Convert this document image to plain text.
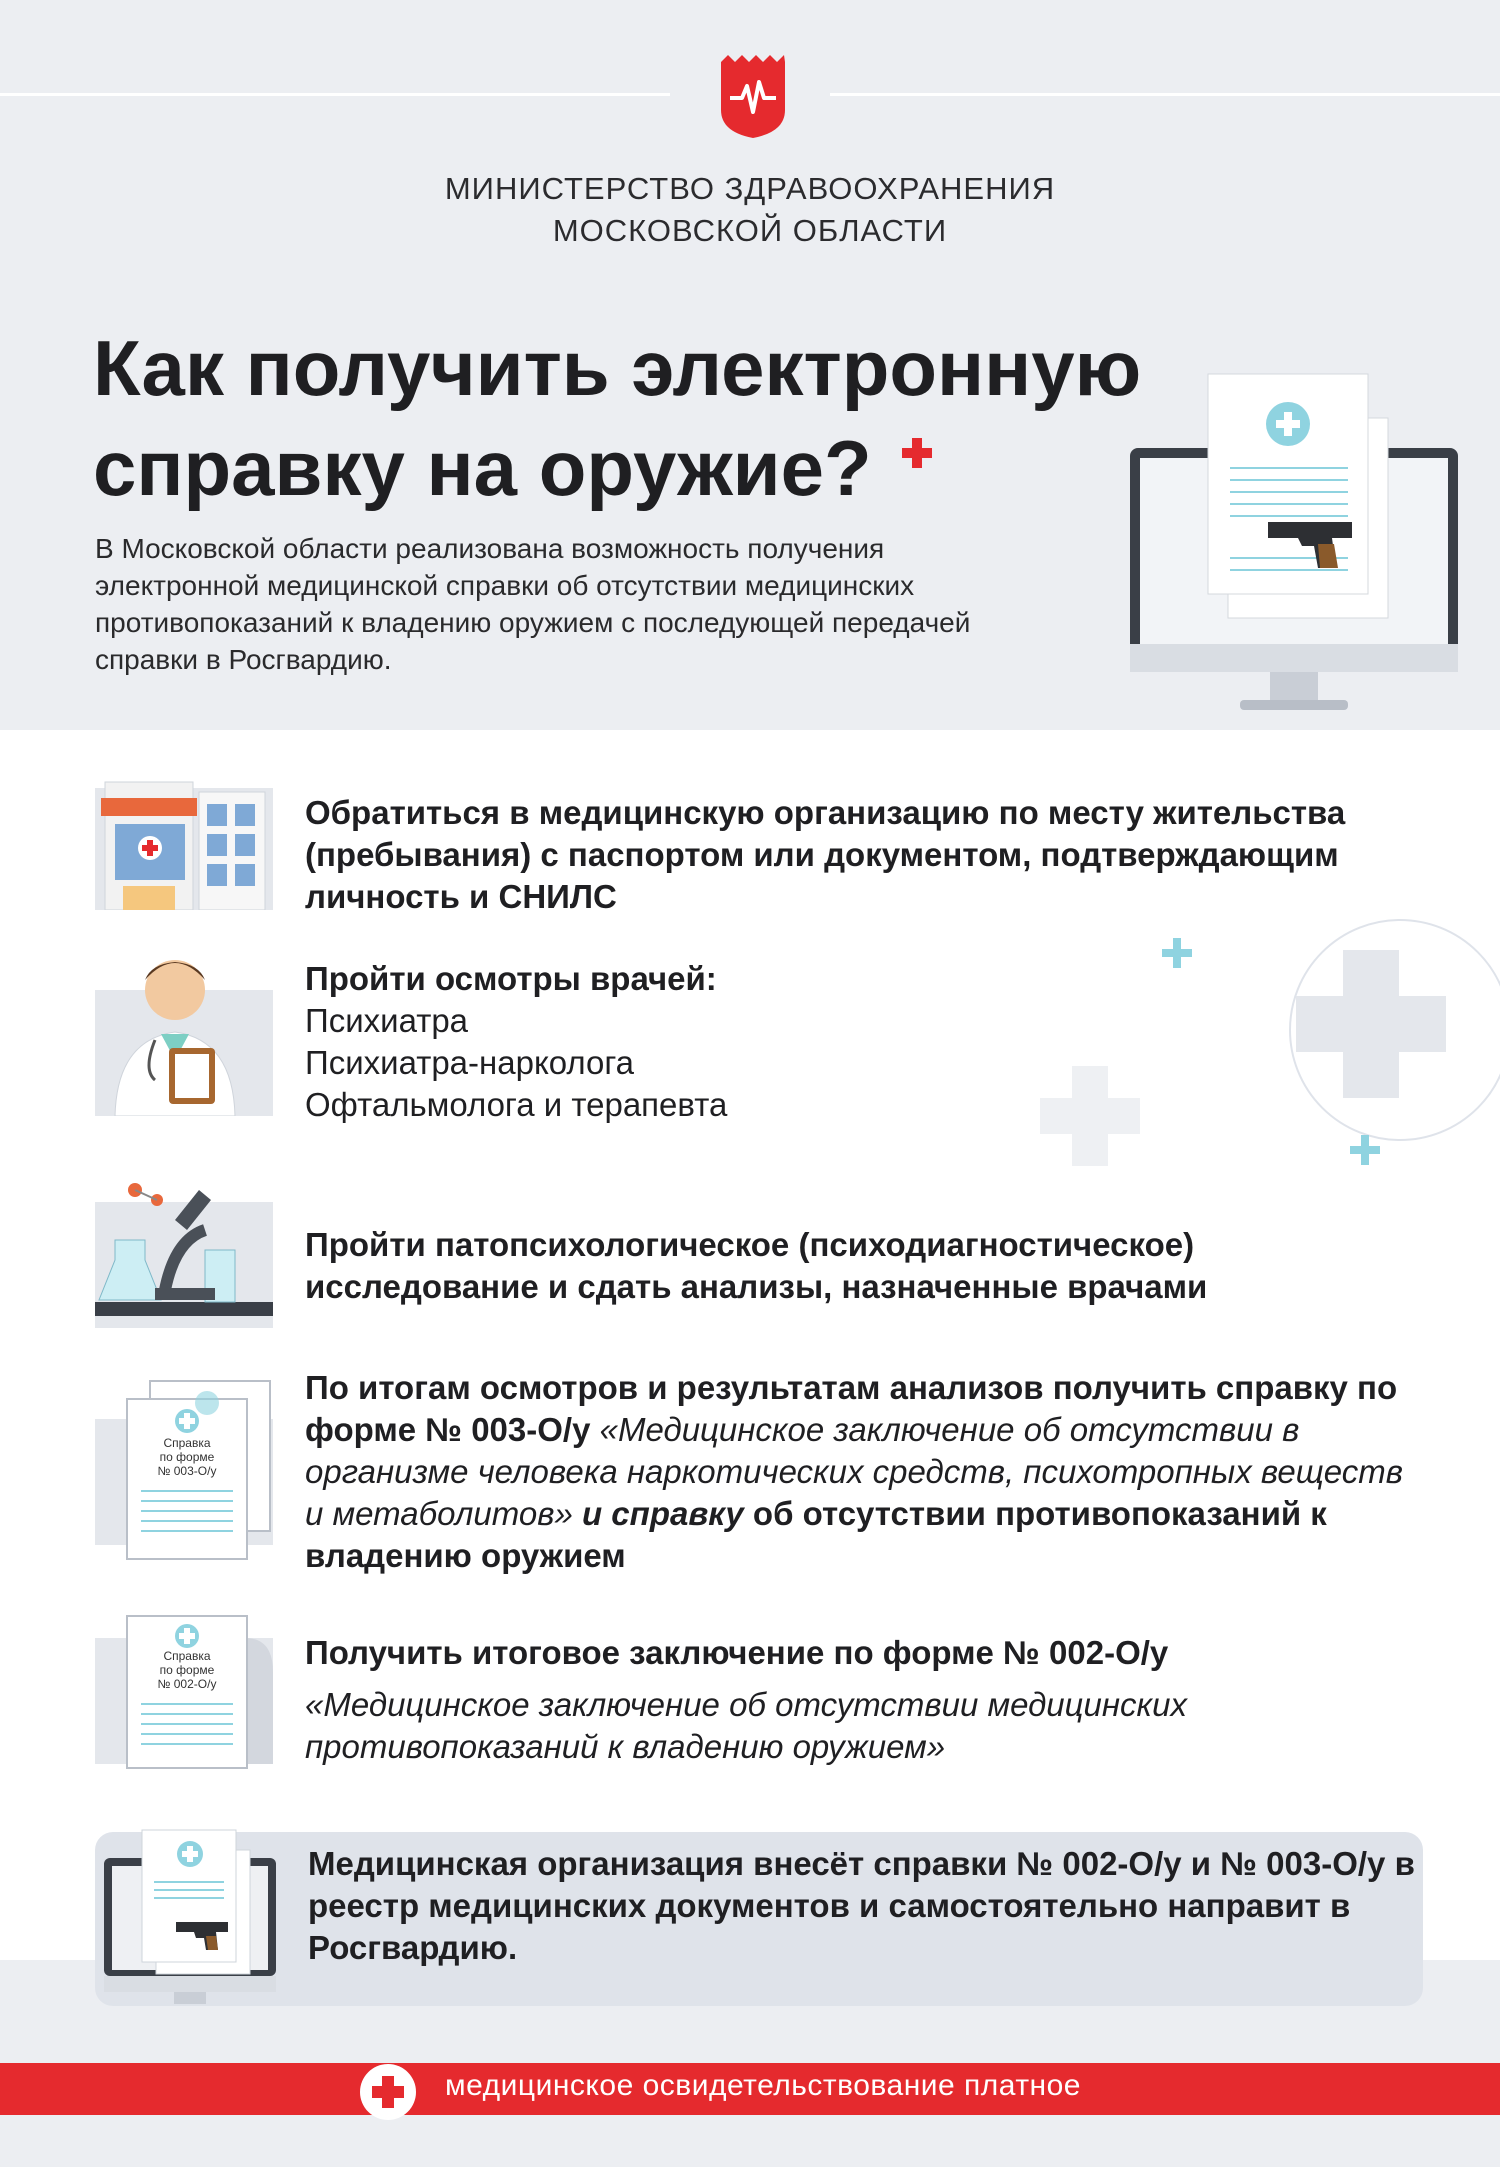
МИНИСТЕРСТВО ЗДРАВООХРАНЕНИЯ
МОСКОВСКОЙ ОБЛАСТИ
Как получить электронную
справку на оружие?
В Московской области реализована возможность получения электронной медицинской справки об отсутствии медицинских противопоказаний к владению оружием с последующей передачей справки в Росгвардию.
Обратиться в медицинскую организацию по месту жительства (пребывания) с паспортом или документом, подтверждающим личность и СНИЛС
Пройти осмотры врачей:
Психиатра
Психиатра-нарколога
Офтальмолога и терапевта
Пройти патопсихологическое (психодиагностическое) исследование и сдать анализы, назначенные врачами
Справка
по форме
№ 003-О/у
По итогам осмотров и результатам анализов получить справку по форме № 003-О/у «Медицинское заключение об отсутствии в организме человека наркотических средств, психотропных веществ и метаболитов» и справку об отсутствии противопоказаний к владению оружием
Справка
по форме
№ 002-О/у
Получить итоговое заключение по форме № 002-О/у
«Медицинское заключение об отсутствии медицинских противопоказаний к владению оружием»
Медицинская организация внесёт справки № 002-О/у и № 003-О/у в реестр медицинских документов и самостоятельно направит в Росгвардию.
медицинское освидетельствование платное
